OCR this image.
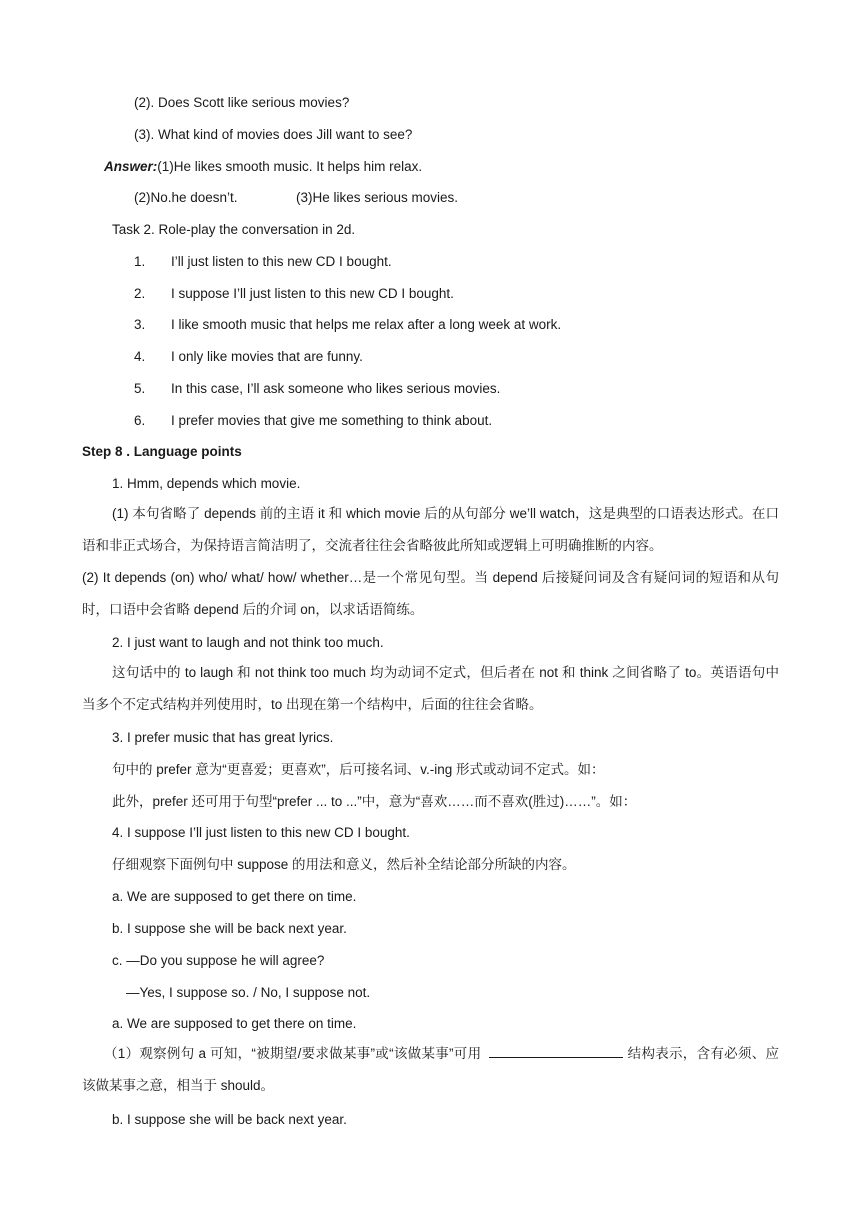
(2). Does Scott like serious movies?
(3). What kind of movies does Jill want to see?
Answer:(1)He likes smooth music. It helps him relax.
(2)No.he doesn’t.	(3)He likes serious movies.
Task 2. Role-play the conversation in 2d.
1. I’ll just listen to this new CD I bought.
2. I suppose I’ll just listen to this new CD I bought.
3. I like smooth music that helps me relax after a long week at work.
4. I only like movies that are funny.
5. In this case, I’ll ask someone who likes serious movies.
6. I prefer movies that give me something to think about.
Step 8 . Language points
1. Hmm, depends which movie.
(1) 本句省略了 depends 前的主语 it 和 which movie 后的从句部分 we’ll watch，这是典型的口语表达形式。在口语和非正式场合，为保持语言简洁明了，交流者往往会省略彼此所知或逻辑上可明确推断的内容。
(2) It depends (on) who/ what/ how/ whether…是一个常见句型。当 depend 后接疑问词及含有疑问词的短语和从句时，口语中会省略 depend 后的介词 on，以求话语简练。
2. I just want to laugh and not think too much.
这句话中的 to laugh 和 not think too much 均为动词不定式，但后者在 not 和 think 之间省略了 to。英语语句中当多个不定式结构并列使用时，to 出现在第一个结构中，后面的往往会省略。
3. I prefer music that has great lyrics.
句中的 prefer 意为“更喜爱；更喜欢”，后可接名词、v.-ing 形式或动词不定式。如：
此外，prefer 还可用于句型“prefer ... to ...”中，意为“喜欢……而不喜欢(胜过)……”。如：
4. I suppose I’ll just listen to this new CD I bought.
仔细观察下面例句中 suppose 的用法和意义，然后补全结论部分所缺的内容。
a. We are supposed to get there on time.
b. I suppose she will be back next year.
c. —Do you suppose he will agree?
—Yes, I suppose so. / No, I suppose not.
a. We are supposed to get there on time.
（1）观察例句 a 可知，“被期望/要求做某事”或“该做某事”可用	结构表示，含有必须、应该做某事之意，相当于 should。
b. I suppose she will be back next year.
